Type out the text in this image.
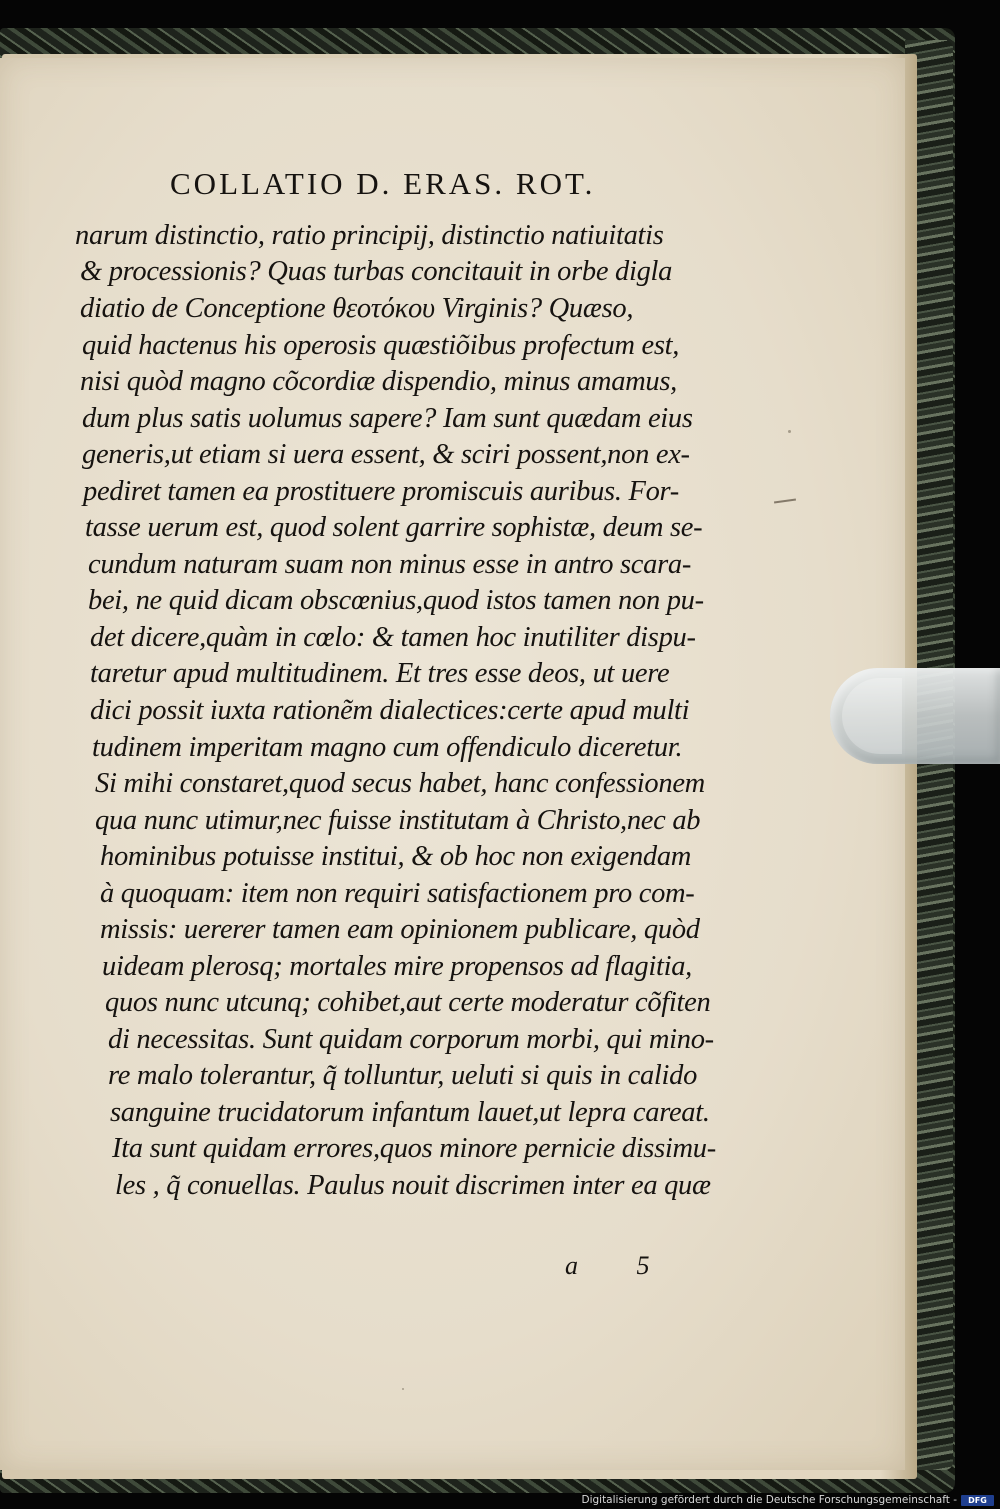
COLLATIO D. ERAS. ROT.
narum distinctio, ratio principij, distinctio natiuitatis
& processionis? Quas turbas concitauit in orbe digla
diatio de Conceptione θεοτόκου Virginis? Quæso,
quid hactenus his operosis quæstiõibus profectum est,
nisi quòd magno cõcordiæ dispendio, minus amamus,
dum plus satis uolumus sapere? Iam sunt quædam eius
generis,ut etiam si uera essent, & sciri possent,non ex-
pediret tamen ea prostituere promiscuis auribus. For-
tasse uerum est, quod solent garrire sophistæ, deum se-
cundum naturam suam non minus esse in antro scara-
bei, ne quid dicam obscœnius,quod istos tamen non pu-
det dicere,quàm in cœlo: & tamen hoc inutiliter dispu-
taretur apud multitudinem. Et tres esse deos, ut uere
dici possit iuxta rationẽm dialectices:certe apud multi
tudinem imperitam magno cum offendiculo diceretur.
Si mihi constaret,quod secus habet, hanc confessionem
qua nunc utimur,nec fuisse institutam à Christo,nec ab
hominibus potuisse institui, & ob hoc non exigendam
à quoquam: item non requiri satisfactionem pro com-
missis: uererer tamen eam opinionem publicare, quòd
uideam plerosq; mortales mire propensos ad flagitia,
quos nunc utcunq; cohibet,aut certe moderatur cõfiten
di necessitas. Sunt quidam corporum morbi, qui mino-
re malo tolerantur, q̃ tolluntur, ueluti si quis in calido
sanguine trucidatorum infantum lauet,ut lepra careat.
Ita sunt quidam errores,quos minore pernicie dissimu-
les , q̃ conuellas. Paulus nouit discrimen inter ea quæ
a 5
Digitalisierung gefördert durch die Deutsche Forschungsgemeinschaft -	DFG
